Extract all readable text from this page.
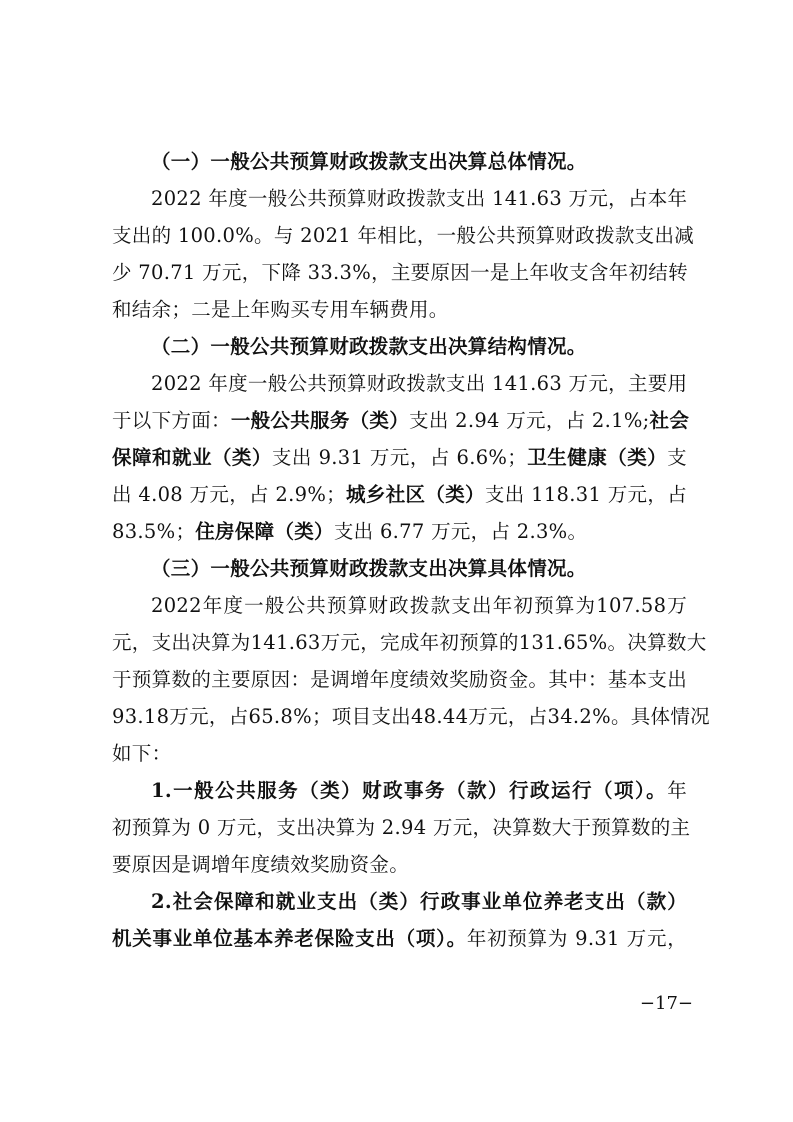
（一）一般公共预算财政拨款支出决算总体情况。
2022 年度一般公共预算财政拨款支出 141.63 万元，占本年
支出的 100.0%。与 2021 年相比，一般公共预算财政拨款支出减
少 70.71 万元，下降 33.3%，主要原因一是上年收支含年初结转
和结余；二是上年购买专用车辆费用。
（二）一般公共预算财政拨款支出决算结构情况。
2022 年度一般公共预算财政拨款支出 141.63 万元，主要用
于以下方面：一般公共服务（类）支出 2.94 万元，占 2.1%;社会
保障和就业（类）支出 9.31 万元，占 6.6%；卫生健康（类）支
出 4.08 万元，占 2.9%；城乡社区（类）支出 118.31 万元，占
83.5%；住房保障（类）支出 6.77 万元，占 2.3%。
（三）一般公共预算财政拨款支出决算具体情况。
2022年度一般公共预算财政拨款支出年初预算为107.58万
元，支出决算为141.63万元，完成年初预算的131.65%。决算数大
于预算数的主要原因：是调增年度绩效奖励资金。其中：基本支出
93.18万元，占65.8%；项目支出48.44万元，占34.2%。具体情况
如下：
1.一般公共服务（类）财政事务（款）行政运行（项）。年
初预算为 0 万元，支出决算为 2.94 万元，决算数大于预算数的主
要原因是调增年度绩效奖励资金。
2.社会保障和就业支出（类）行政事业单位养老支出（款）
机关事业单位基本养老保险支出（项）。年初预算为 9.31 万元，
−17−
